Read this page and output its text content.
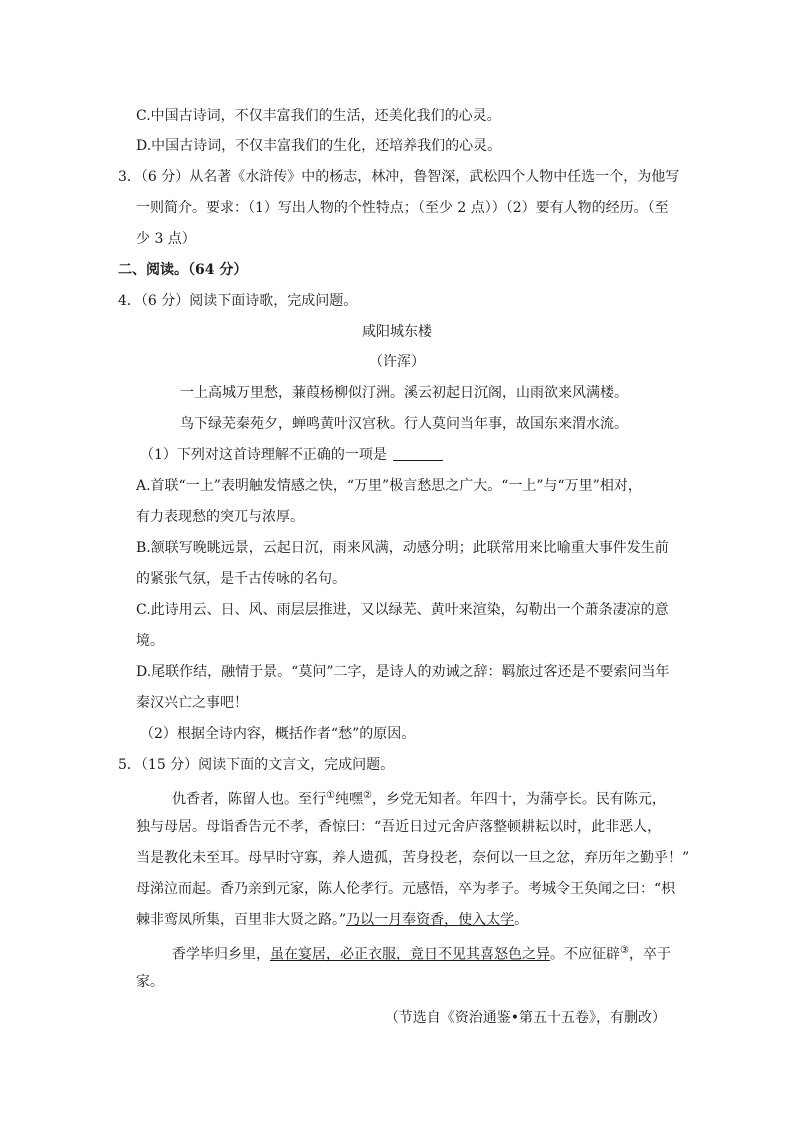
C.中国古诗词，不仅丰富我们的生活，还美化我们的心灵。
D.中国古诗词，不仅丰富我们的生化，还培养我们的心灵。
3．（6 分）从名著《水浒传》中的杨志，林冲，鲁智深，武松四个人物中任选一个，为他写
一则简介。要求：（1）写出人物的个性特点；（至少 2 点））（2）要有人物的经历。（至
少 3 点）
二、阅读。（64 分）
4．（6 分）阅读下面诗歌，完成问题。
咸阳城东楼
（许浑）
一上高城万里愁，蒹葭杨柳似汀洲。溪云初起日沉阁，山雨欲来风满楼。
鸟下绿芜秦苑夕，蝉鸣黄叶汉宫秋。行人莫问当年事，故国东来渭水流。
（1）下列对这首诗理解不正确的一项是
A.首联“一上”表明触发情感之快，“万里”极言愁思之广大。“一上”与“万里”相对，
有力表现愁的突兀与浓厚。
B.颔联写晚眺远景，云起日沉，雨来风满，动感分明；此联常用来比喻重大事件发生前
的紧张气氛，是千古传咏的名句。
C.此诗用云、日、风、雨层层推进，又以绿芜、黄叶来渲染，勾勒出一个萧条凄凉的意
境。
D.尾联作结，融情于景。“莫问”二字，是诗人的劝诫之辞：羁旅过客还是不要索问当年
秦汉兴亡之事吧！
（2）根据全诗内容，概括作者“愁”的原因。
5．（15 分）阅读下面的文言文，完成问题。
仇香者，陈留人也。至行①纯嘿②，乡党无知者。年四十，为蒲亭长。民有陈元，
独与母居。母诣香告元不孝，香惊曰：“吾近日过元舍庐落整顿耕耘以时，此非恶人，
当是教化未至耳。母早时守寡，养人遗孤，苦身投老，奈何以一旦之忿，弃历年之勤乎！”
母涕泣而起。香乃亲到元家，陈人伦孝行。元感悟，卒为孝子。考城令王奂闻之曰：“枳
棘非鸾凤所集，百里非大贤之路。”乃以一月奉资香，使入太学。
香学毕归乡里，虽在宴居，必正衣服，竟日不见其喜怒色之异。不应征辟③，卒于
家。
（节选自《资治通鉴•第五十五卷》，有删改）
